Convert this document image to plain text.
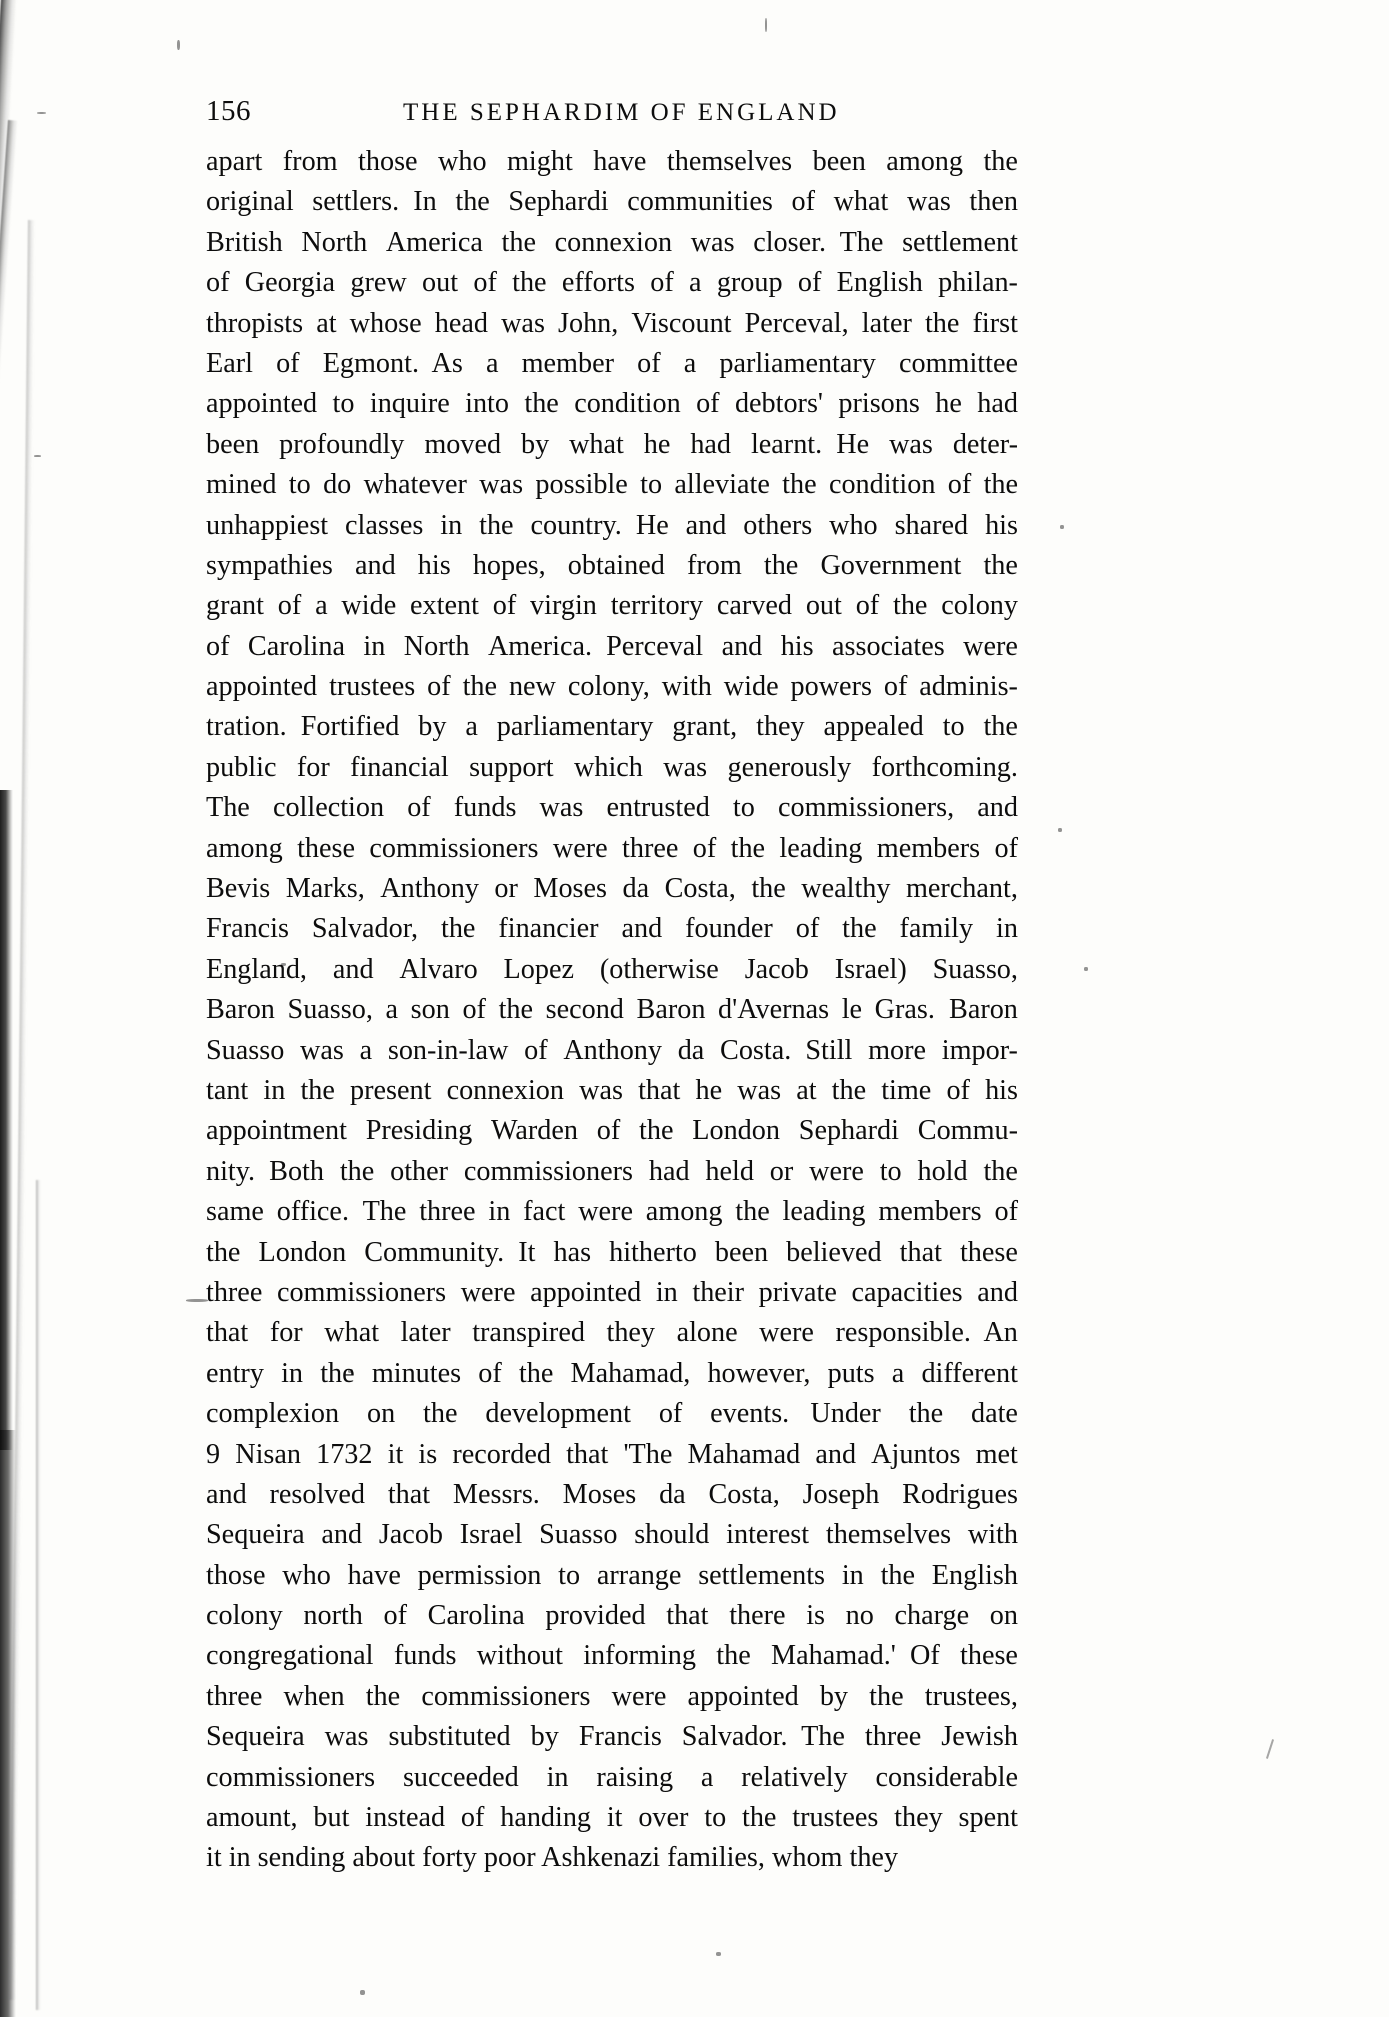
156	THE SEPHARDIM OF ENGLAND
apart from those who might have themselves been among the
original settlers.  In the Sephardi communities of what was then
British North America the connexion was closer.  The settlement
of Georgia grew out of the efforts of a group of English philan-
thropists at whose head was John, Viscount Perceval, later the first
Earl of Egmont.  As a member of a parliamentary committee
appointed to inquire into the condition of debtors' prisons he had
been profoundly moved by what he had learnt.  He was deter-
mined to do whatever was possible to alleviate the condition of the
unhappiest classes in the country.  He and others who shared his
sympathies and his hopes, obtained from the Government the
grant of a wide extent of virgin territory carved out of the colony
of Carolina in North America.  Perceval and his associates were
appointed trustees of the new colony, with wide powers of adminis-
tration.  Fortified by a parliamentary grant, they appealed to the
public for financial support which was generously forthcoming.
The collection of funds was entrusted to commissioners, and
among these commissioners were three of the leading members of
Bevis Marks, Anthony or Moses da Costa, the wealthy merchant,
Francis Salvador, the financier and founder of the family in
England, and Alvaro Lopez (otherwise Jacob Israel) Suasso,
Baron Suasso, a son of the second Baron d'Avernas le Gras.  Baron
Suasso was a son-in-law of Anthony da Costa.  Still more impor-
tant in the present connexion was that he was at the time of his
appointment Presiding Warden of the London Sephardi Commu-
nity.  Both the other commissioners had held or were to hold the
same office.  The three in fact were among the leading members of
the London Community.  It has hitherto been believed that these
three commissioners were appointed in their private capacities and
that for what later transpired they alone were responsible.  An
entry in the minutes of the Mahamad, however, puts a different
complexion on the development of events.   Under the date
9 Nisan 1732 it is recorded that 'The Mahamad and Ajuntos met
and resolved that Messrs. Moses da Costa, Joseph Rodrigues
Sequeira and Jacob Israel Suasso should interest themselves with
those who have permission to arrange settlements in the English
colony north of Carolina provided that there is no charge on
congregational funds without informing the Mahamad.'  Of these
three when the commissioners were appointed by the trustees,
Sequeira was substituted by Francis Salvador.  The three Jewish
commissioners succeeded in raising a relatively considerable
amount, but instead of handing it over to the trustees they spent
it in sending about forty poor Ashkenazi families, whom they
